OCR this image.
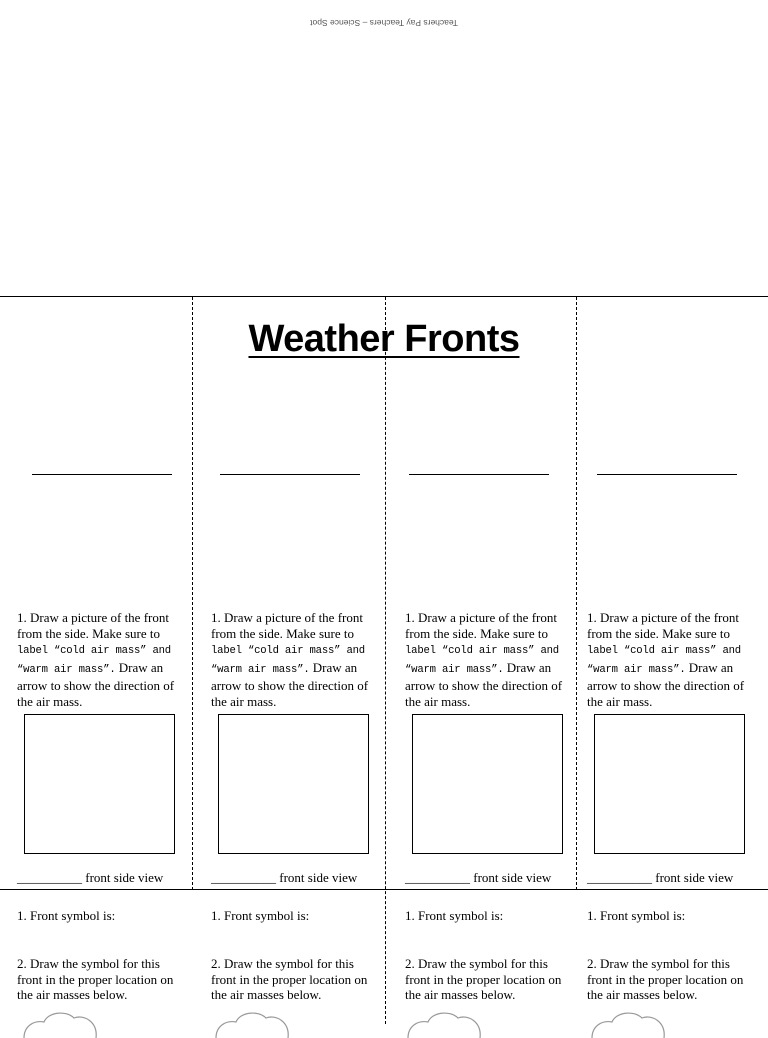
Teachers Pay Teachers – Science Spot
Weather Fronts
1. Draw a picture of the front from the side. Make sure to label “cold air mass” and “warm air mass”. Draw an arrow to show the direction of the air mass.
__________ front side view
1. Front symbol is:
2. Draw the symbol for this front in the proper location on the air masses below.
1. Draw a picture of the front from the side. Make sure to label “cold air mass” and “warm air mass”. Draw an arrow to show the direction of the air mass.
__________ front side view
1. Front symbol is:
2. Draw the symbol for this front in the proper location on the air masses below.
1. Draw a picture of the front from the side. Make sure to label “cold air mass” and “warm air mass”. Draw an arrow to show the direction of the air mass.
__________ front side view
1. Front symbol is:
2. Draw the symbol for this front in the proper location on the air masses below.
1. Draw a picture of the front from the side. Make sure to label “cold air mass” and “warm air mass”. Draw an arrow to show the direction of the air mass.
__________ front side view
1. Front symbol is:
2. Draw the symbol for this front in the proper location on the air masses below.
